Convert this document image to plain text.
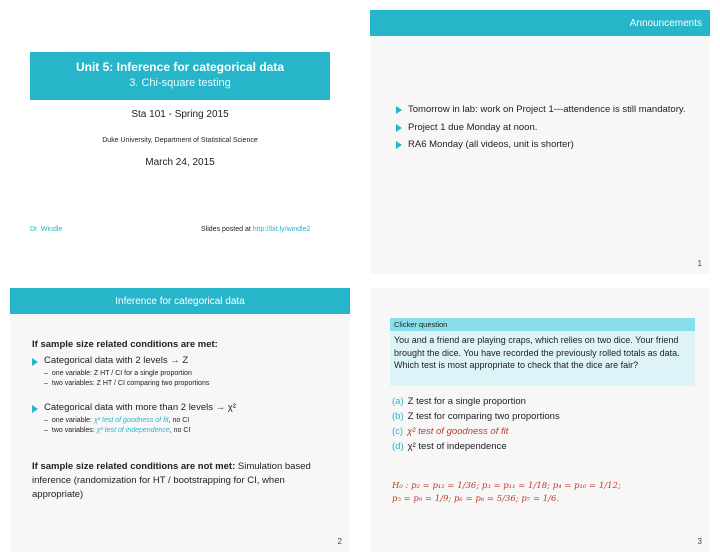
Unit 5: Inference for categorical data
3. Chi-square testing
Sta 101 - Spring 2015
Duke University, Department of Statistical Science
March 24, 2015
Dr. Windle	Slides posted at http://bit.ly/windle2
Announcements
Tomorrow in lab: work on Project 1---attendence is still mandatory.
Project 1 due Monday at noon.
RA6 Monday (all videos, unit is shorter)
1
Inference for categorical data
If sample size related conditions are met:
Categorical data with 2 levels → Z
– one variable: Z HT / CI for a single proportion
– two variables: Z HT / CI comparing two proportions
Categorical data with more than 2 levels → χ²
– one variable: χ² test of goodness of fit, no CI
– two variables: χ² test of independence, no CI
If sample size related conditions are not met: Simulation based inference (randomization for HT / bootstrapping for CI, when appropriate)
2
Clicker question
You and a friend are playing craps, which relies on two dice. Your friend brought the dice. You have recorded the previously rolled totals as data. Which test is most appropriate to check that the dice are fair?
(a) Z test for a single proportion
(b) Z test for comparing two proportions
(c) χ² test of goodness of fit
(d) χ² test of independence
H₀ : p₂ = p₁₂ = 1/36; p₃ = p₁₁ = 1/18; p₄ = p₁₀ = 1/12;
p₅ = p₉ = 1/9; p₆ = p₈ = 5/36; p₇ = 1/6.
3
